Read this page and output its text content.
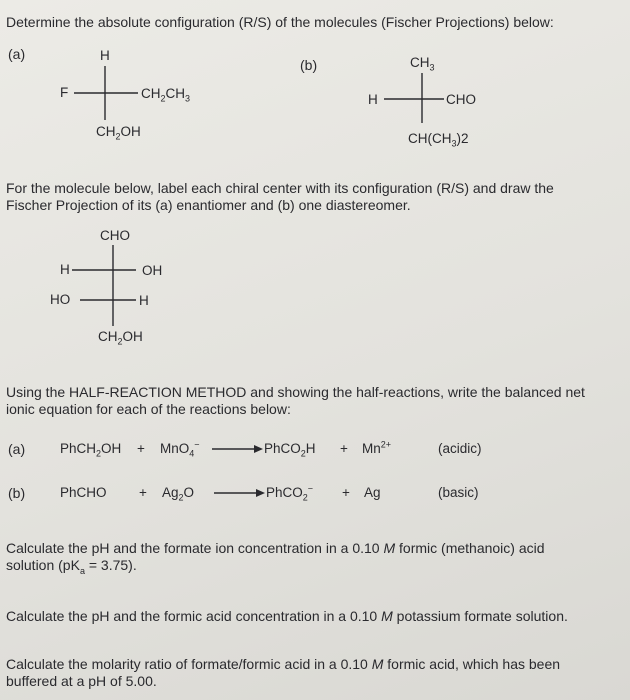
Determine the absolute configuration (R/S) of the molecules (Fischer Projections) below:
(a)	H
F	$CH_2CH_3$
$CH_2OH$
(b)	$CH_3$
H	CHO
$CH(CH_3)2$
For the molecule below, label each chiral center with its configuration (R/S) and draw the
Fischer Projection of its (a) enantiomer and (b) one diastereomer.
CHO
H	OH
HO	H
$CH_2OH$
Using the HALF-REACTION METHOD and showing the half-reactions, write the balanced net
ionic equation for each of the reactions below:
(a)	PhCH$_2$OH + MnO$_4$−	PhCO$_2$H + $Mn^{2+}$	(acidic)
(b)	PhCHO + $Ag_2O$	PhCO$_2$− + Ag	(basic)
Calculate the pH and the formate ion concentration in a 0.10 M formic (methanoic) acid
solution $(pK_a = 3.75)$.
Calculate the pH and the formic acid concentration in a 0.10 M potassium formate solution.
Calculate the molarity ratio of formate/formic acid in a 0.10 M formic acid, which has been
buffered at a pH of 5.00.
